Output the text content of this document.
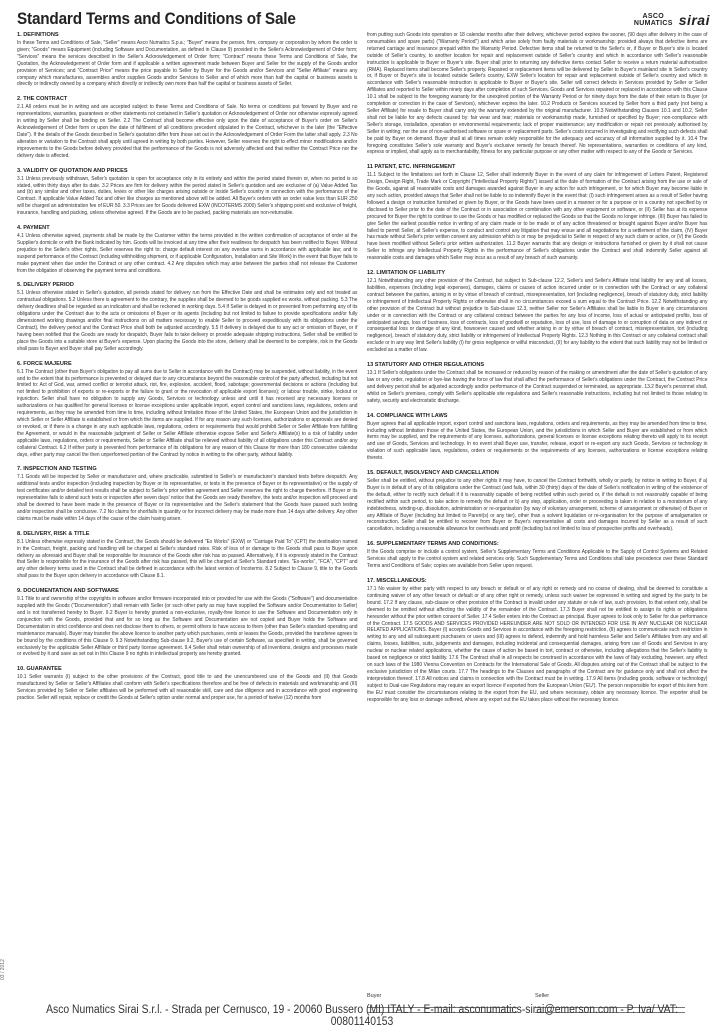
Standard Terms and Conditions of Sale	ASCO
NUMATICS sirai
1. DEFINITIONS

In these Terms and Conditions of Sale, "Seller" means Asco Numatics S.p.a.; "Buyer" means the person, firm, company or corporation by whom the order is given; "Goods" means Equipment (including Software and Documentation, as defined in Clause 9) provided in the Seller's Acknowledgement of Order form; "Services" means the services described in the Seller's Acknowledgement of Order form; "Contract" means these Terms and Conditions of Sale, the Quotation, the Acknowledgement of Order form and if applicable a written agreement made between Buyer and Seller for the supply of the Goods and/or provision of Services; and "Contract Price" means the price payable to Seller by Buyer for the Goods and/or Services and "Seller Affiliate" means any company which manufactures, assembles and/or supplies Goods and/or Services to Seller and of which more than half the capital or business assets is directly or indirectly owned by a company which directly or indirectly own more than half the capital or business assets of Seller.

2. THE CONTRACT

2.1 All orders must be in writing and are accepted subject to these Terms and Conditions of Sale. No terms or conditions put forward by Buyer and no representations, warranties, guarantees or other statements not contained in Seller's quotation or Acknowledgement of Order nor otherwise expressly agreed in writing by Seller shall be binding on Seller. 2.2 The Contract shall become effective only upon the date of acceptance of Buyer's order on Seller's Acknowledgement of Order form or upon the date of fulfilment of all conditions precedent stipulated in the Contract, whichever is the later (the "Effective Date"). If the details of the Goods described in Seller's quotation differ from those set out in the Acknowledgement of Order Form the latter shall apply. 2.3 No alteration or variation to the Contract shall apply until agreed in writing by both parties. However, Seller reserves the right to effect minor modifications and/or improvements to the Goods before delivery provided that the performance of the Goods is not adversely affected and that neither the Contract Price nor the delivery date is affected.

3. VALIDITY OF QUOTATION AND PRICES

3.1 Unless previously withdrawn, Seller's quotation is open for acceptance only in its entirety and within the period stated therein or, when no period is so stated, within thirty days after its date. 3.2 Prices are firm for delivery within the period stated in Seller's quotation and are exclusive of (a) Value Added Tax and (b) any similar and other taxes, duties, levies or other like charges arising outside or inside Seller's country in connection with the performance of the Contract. If applicable Value Added Tax and other like charges as mentioned above will be added. All Buyer's orders with an order value less than EUR 250 will be charged an administration fee of EUR 50. 3.3 Prices are for Goods delivered EXW (INCOTERMS 2000) Seller's shipping point and exclusive of freight, insurance, handling and packing, unless otherwise agreed. If the Goods are to be packed, packing materials are non-returnable.

4. PAYMENT

4.1 Unless otherwise agreed, payments shall be made by the Customer within the terms provided in the written confirmation of acceptance of order at the Supplier's domicile or with the Bank indicated by him. Goods will be invoiced at any time after their readiness for despatch has been notified to Buyer. Without prejudice to the Seller's other rights, Seller reserves the right to: charge default interest on any overdue sums in accordance with applicable law; and to suspend performance of the Contract (including withholding shipment, or if applicable Configuration, Installation and Site Work) in the event that Buyer fails to make payment when due under the Contract or any other contract. 4.2 Any disputes which may arise between the parties shall not release the Customer from the obligation of observing the payment terms and conditions.

5. DELIVERY PERIOD

5.1 Unless otherwise stated in Seller's quotation, all periods stated for delivery run from the Effective Date and shall be estimates only and not treated as contractual obligations. 5.2 Unless there is agreement to the contrary, the supplies shall be deemed to be goods supplied ex works, without packing. 5.3 The delivery deadlines shall be regarded as an indication and shall be reckoned in working days. 5.4 If Seller is delayed in or prevented from performing any of its obligations under the Contract due to the acts or omissions of Buyer or its agents (including but not limited to failure to provide specifications and/or fully dimensioned working drawings and/or final instructions on all matters necessary to enable Seller to proceed expeditiously with its obligations under the Contract), the delivery period and the Contract Price shall both be adjusted accordingly. 5.5 If delivery is delayed due to any act or omission of Buyer, or if having been notified that the Goods are ready for despatch, Buyer fails to take delivery or provide adequate shipping instructions, Seller shall be entitled to place the Goods into a suitable store at Buyer's expense. Upon placing the Goods into the store, delivery shall be deemed to be complete, risk in the Goods shall pass to Buyer and Buyer shall pay Seller accordingly.

6. FORCE MAJEURE

6.1 The Contract (other than Buyer's obligation to pay all sums due to Seller in accordance with the Contract) may be suspended, without liability, in the event and to the extent that its performance is prevented or delayed due to any circumstance beyond the reasonable control of the party affected, including but not limited to: Act of God, war, armed conflict or terrorist attack, riot, fire, explosion, accident, flood, sabotage; governmental decisions or actions (including but not limited to prohibition of exports or re-exports or the failure to grant or the revocation of applicable export licenses); or labour trouble, strike, lockout or injunction. Seller shall have no obligation to supply any Goods, Services or technology unless and until it has received any necessary licenses or authorizations or has qualified for general licenses or license exceptions under applicable import, export control and sanctions laws, regulations, orders and requirements, as they may be amended from time to time, including without limitation those of the United States, the European Union and the jurisdiction in which Seller or Seller Affiliate is established or from which the items are supplied. If for any reason any such licenses, authorizations or approvals are denied or revoked, or if there is a change in any such applicable laws, regulations, orders or requirements that would prohibit Seller or Seller Affiliate from fulfilling the Agreement, or would in the reasonable judgment of Seller or Seller Affiliate otherwise expose Seller and Seller's Affiliate(s) to a risk of liability under applicable laws, regulations, orders or requirements, Seller or Seller Affiliate shall be relieved without liability of all obligations under this Contract and/or any collateral Contract. 6.2 If either party is prevented from performance of its obligations for any reason of this Clause for more than 180 consecutive calendar days, either party may cancel the then unperformed portion of the Contract by notice in writing to the other party, without liability.

7. INSPECTION AND TESTING

7.1 Goods will be inspected by Seller or manufacturer and, where practicable, submitted to Seller's or manufacturer's standard tests before despatch. Any additional tests and/or inspection (including inspection by Buyer or its representative, or tests in the presence of Buyer or its representative) or the supply of test certificates and/or detailed test results shall be subject to Seller's prior written agreement and Seller reserves the right to charge therefore. If Buyer or its representative fails to attend such tests or inspection after seven days' notice that the Goods are ready therefore, the tests and/or inspection will proceed and shall be deemed to have been made in the presence of Buyer or its representative and the Seller's statement that the Goods have passed such testing and/or inspection shall be conclusive. 7.2 No claims for shortfalls in quantity or for incorrect delivery may be made more than 14 days after delivery. Any other claims must be made within 14 days of the cause of the claim having arisen.

8. DELIVERY, RISK & TITLE

8.1 Unless otherwise expressly stated in the Contract, the Goods should be delivered "Ex Works" (EXW) or "Carriage Paid To" (CPT) the destination named in the Contract, freight, packing and handling will be charged at Seller's standard rates. Risk of loss of or damage to the Goods shall pass to Buyer upon delivery as aforesaid and Buyer shall be responsible for insurance of the Goods after risk has so passed. Alternatively, if it is expressly stated in the Contract that Seller is responsible for the insurance of the Goods after risk has passed, this will be charged at Seller's Standard rates. "Ex-works", "FCA", "CPT" and any other delivery terms used in the Contract shall be defined in accordance with the latest version of Incoterms. 8.2 Subject to Clause 9, title to the Goods shall pass to the Buyer upon delivery in accordance with Clause 8.1.

9. DOCUMENTATION AND SOFTWARE

9.1 Title to and ownership of the copyrights in software and/or firmware incorporated into or provided for use with the Goods ("Software") and documentation supplied with the Goods ("Documentation") shall remain with Seller (or such other party as may have supplied the Software and/or Documentation to Seller) and is not transferred hereby to Buyer. 9.2 Buyer is hereby granted a non-exclusive, royalty-free licence to use the Software and Documentation only in conjunction with the Goods, provided that and for so long as the Software and Documentation are not copied and Buyer holds the Software and Documentation in strict confidence and does not disclose them to others, or permit others to have access to them (other than Seller's standard operating and maintenance manuals). Buyer may transfer the above licence to another party which purchases, rents or leases the Goods, provided the transferee agrees to be bound by the conditions of this Clause 9. 9.3 Notwithstanding Sub-clause 9.2, Buyer's use of certain Software, as specified in writing, shall be governed exclusively by the applicable Seller Affiliate or third party license agreement. 9.4 Seller shall retain ownership of all inventions, designs and processes made or evolved by it and save as set out in this Clause 9 no rights in intellectual property are hereby granted.

10. GUARANTEE

10.1 Seller warrants (I) subject to the other provisions of the Contract, good title to and the unencumbered use of the Goods and (II) that Goods manufactured by Seller or Seller's Affiliates shall conform with Seller's specifications therefore and be free of defects in materials and workmanship and (III) Services provided by Seller or Seller affiliates will be performed with all reasonable skill, care and due diligence and in accordance with good engineering practice. Seller will repair, replace or credit the Goods at Seller's option under normal and proper use, for a period of twelve (12) months from

from putting such Goods into operation or 18 calendar months after their delivery, whichever period expires the sooner, (90 days after delivery in the case of consumables and spare parts) ("Warranty Period") and which arise solely from faulty materials or workmanship: provided always that defective items are returned carriage and insurance prepaid within the Warranty Period. Defective items shall be returned to the Seller's or, if Buyer or Buyer's site is located outside of Seller's country, to another location for repair and replacement outside of Seller's country and which in accordance with Seller's reasonable instruction is applicable to Buyer or Buyer's site. Buyer shall prior to returning any defective items contact Seller to receive a return material authorisation (RMA). Replaced items shall become Seller's property. Repaired or replacement items will be delivered by Seller to Buyer's mainland site in Seller's country or, if Buyer or Buyer's site is located outside Seller's country, EXW Seller's location for repair and replacement outside of Seller's country and which in accordance with Seller's reasonable instruction is applicable to Buyer or Buyer's site. Seller will correct defects in Services provided by Seller or Seller Affiliates and reported to Seller within ninety days after completion of such Services. Goods and Services repaired or replaced in accordance with this Clause 10.1 shall be subject to the foregoing warranty for the unexpired portion of the Warranty Period or for ninety days from the date of their return to Buyer (or completion or correction in the case of Services), whichever expires the later. 10.2 Products or Services sourced by Seller from a third party (not being a Seller Affiliate) for resale to Buyer shall carry only the warranty extended by the original manufacturer. 10.3 Notwithstanding Clauses 10.1 and 10.2, Seller shall not be liable for any defects caused by: fair wear and tear; materials or workmanship made, furnished or specified by Buyer; non-compliance with Seller's storage, installation, operation or environmental requirements; lack of proper maintenance; any modification or repair not previously authorised by Seller in writing; nor the use of non-authorised software or spare or replacement parts. Seller's costs incurred in investigating and rectifying such defects shall be paid by Buyer on demand. Buyer shall at all times remain solely responsible for the adequacy and accuracy of all information supplied by it. 10.4 The foregoing constitutes Seller's sole warranty and Buyer's exclusive remedy for breach thereof. No representations, warranties or conditions of any kind, express or implied, shall apply as to merchantability, fitness for any particular purpose or any other matter with respect to any of the Goods or Services.

11 PATENT, ETC. INFRINGEMENT

11.1 Subject to the limitations set forth in Clause 12, Seller shall indemnify Buyer in the event of any claim for infringement of Letters Patent, Registered Design, Design Right, Trade Mark or Copyright ("Intellectual Property Rights") issued at the date of formation of the Contract arising from the use or sale of the Goods, against all reasonable costs and damages awarded against Buyer in any action for such infringement, or for which Buyer may become liable in any such action, provided always that Seller shall not be liable to so indemnify Buyer in the event that: (I) such infringement arises as a result of Seller having followed a design or instruction furnished or given by Buyer, or the Goods have been used in a manner or for a purpose or in a country not specified by or disclosed to Seller prior to the date of the Contract or in association or combination with any other equipment or software, or (II) Seller has at its expense procured for Buyer the right to continue to use the Goods or has modified or replaced the Goods so that the Goods no longer infringe. (III) Buyer has failed to give Seller the earliest possible notice in writing of any claim made or to be made or of any action threatened or brought against Buyer and/or Buyer has failed to permit Seller, at Seller's expense, to conduct and control any litigation that may ensue and all negotiations for a settlement of the claim, (IV) Buyer has made without Seller's prior written consent any admission which is or may be prejudicial to Seller in respect of any such claim or action, or (V) the Goods have been modified without Seller's prior written authorization. 11.2 Buyer warrants that any design or instructions furnished or given by it shall not cause Seller to infringe any Intellectual Property Rights in the performance of Seller's obligations under the Contract and shall indemnify Seller against all reasonable costs and damages which Seller may incur as a result of any breach of such warranty.

12. LIMITATION OF LIABILITY

12.1 Notwithstanding any other provision of the Contract, but subject to Sub-clause 12.2, Seller's and Seller's Affiliate total liability for any and all losses, liabilities, expenses (including legal expenses), damages, claims or causes of action incurred under or in connection with the Contract or any collateral contract between the parties, arising in or by virtue of breach of contract, misrepresentation, tort (including negligence), breach of statutory duty, strict liability or infringement of Intellectual Property Rights or otherwise shall in no circumstances exceed a sum equal to the Contract Price. 12.2 Notwithstanding any other provision of the Contract but without prejudice to Sub-clause 12.3, neither Seller nor Seller's Affiliates shall be liable to Buyer in any circumstances under or in connection with the Contract or any collateral contract between the parties for any loss of income, loss of actual or anticipated profits, loss of anticipated savings, loss of business, loss of contracts, loss of goodwill or reputation, loss of use, loss of damage to or corruption of data or any indirect or consequential loss or damage of any kind, howsoever caused and whether arising in or by virtue of breach of contract, misrepresentation, tort (including negligence), breach of statutory duty, strict liability or infringement of Intellectual Property Rights. 12.3 Nothing in this Contract or any collateral contract shall exclude or in any way limit Seller's liability (I) for gross negligence or wilful misconduct, (II) for any liability to the extent that such liability may not be limited or excluded as a matter of law.

13 STATUTORY AND OTHER REGULATIONS

13.1 If Seller's obligations under the Contract shall be increased or reduced by reason of the making or amendment after the date of Seller's quotation of any law or any order, regulation or bye-law having the force of law that shall affect the performance of Seller's obligations under the Contract, the Contract Price and delivery period shall be adjusted accordingly and/or performance of the Contract suspended or terminated, as appropriate. 13.2 Buyer's personnel shall, whilst on Seller's premises, comply with Seller's applicable site regulations and Seller's reasonable instructions, including but not limited to those relating to safety, security and electrostatic discharge.

14. COMPLIANCE WITH LAWS

Buyer agrees that all applicable import, export control and sanctions laws, regulations, orders and requirements, as they may be amended from time to time, including without limitation those of the United States, the European Union, and the jurisdictions in which Seller and Buyer are established or from which items may be supplied, and the requirements of any licenses, authorizations, general licenses or license exceptions relating thereto will apply to its receipt and use of Goods, Services and technology. In no event shall Buyer use, transfer, release, export or re-export any such Goods, Services or technology in violation of such applicable laws, regulations, orders or requirements or the requirements of any licenses, authorizations or license exceptions relating thereto.

15. DEFAULT, INSOLVENCY AND CANCELLATION

Seller shall be entitled, without prejudice to any other rights it may have, to cancel the Contract forthwith, wholly or partly, by notice in writing to Buyer, if a) Buyer is in default of any of its obligations under the Contract (and fails, within 30 (thirty) days of the date of Seller's notification in writing of the existence of the default, either to rectify such default if it is reasonably capable of being rectified within such period or, if the default is not reasonably capable of being rectified within such period, to take action to remedy the default or b) any step, application, order or proceeding is taken in relation to a moratorium of any indebtedness, winding-up, dissolution, administration or re-organisation (by way of voluntary arrangement, scheme of arrangement or otherwise) of Buyer or any Affiliate of Buyer (including but limited to Parent(s) or any tier), other than a solvent liquidation or re-organisation for the purpose of amalgamation or reconstruction. Seller shall be entitled to recover from Buyer or Buyer's representative all costs and damages incurred by Seller as a result of such cancellation, including a reasonable allowance for overheads and profit (including but not limited to loss of prospective profits and overheads).

16. SUPPLEMENTARY TERMS AND CONDITIONS:

If the Goods comprise or include a control system, Seller's Supplementary Terms and Conditions Applicable to the Supply of Control Systems and Related Services shall apply to the control system and related services only. Such Supplementary Terms and Conditions shall take precedence over these Standard Terms and Conditions of Sale; copies are available from Seller upon request.

17. MISCELLANEOUS:

17.1 No waiver by either party with respect to any breach or default or of any right or remedy and no course of dealing, shall be deemed to constitute a continuing waiver of any other breach or default or of any other right or remedy, unless such waiver be expressed in writing and signed by the party to be bound. 17.2 If any clause, sub-clause or other provision of the Contract is invalid under any statute or rule of law, such provision, to that extent only, shall be deemed to be omitted without affecting the validity of the remainder of the Contract. 17.3 Buyer shall not be entitled to assign its rights or obligations hereunder without the prior written consent of Seller. 17.4 Seller enters into the Contract as principal. Buyer agrees to look only to Seller for due performance of the Contract. 17.5 GOODS AND SERVICES PROVIDED HEREUNDER ARE NOT SOLD OR INTENDED FOR USE IN ANY NUCLEAR OR NUCLEAR RELATED APPLICATIONS. Buyer (I) accepts Goods and Services in accordance with the foregoing restriction, (II) agrees to communicate such restriction in writing to any and all subsequent purchasers or users and (III) agrees to defend, indemnify and hold harmless Seller and Seller's Affiliates from any and all claims, losses, liabilities, suits, judgements and damages, including incidental and consequential damages, arising from use of Goods and Services in any nuclear or nuclear related applications, whether the cause of action be based in tort, contract or otherwise, including allegations that the Seller's liability is based on negligence or strict liability. 17.6 The Contract shall in all respects be construed in accordance with the laws of Italy excluding, however, any effect on such laws of the 1980 Vienna Convention on Contracts for the International Sale of Goods. All disputes arising out of the Contract shall be subject to the exclusive jurisdiction of the Milan courts. 17.7 The headings to the Clauses and paragraphs of the Contract are for guidance only and shall not affect the interpretation thereof. 17.8 All notices and claims in connection with the Contract must be in writing. 17.9 All items (including goods, software or technology) subject to Dual-use Regulations may require an export licence if exported from the European Union ('EU'). The person responsible for export of this item from the EU must consider the circumstances relating to the export from the EU, and where necessary, obtain any necessary licence. The exporter shall be responsible for any loss or damage suffered, where any export out the EU takes place without the necessary licence.

Buyer	Seller
03 / 2012
Asco Numatics Sirai S.r.l. - Strada per Cernusco, 19 - 20060 Bussero (MI) ITALY - E-mail: asconumatics-sirai@emerson.com - P. Iva/ VAT: 00801140153
